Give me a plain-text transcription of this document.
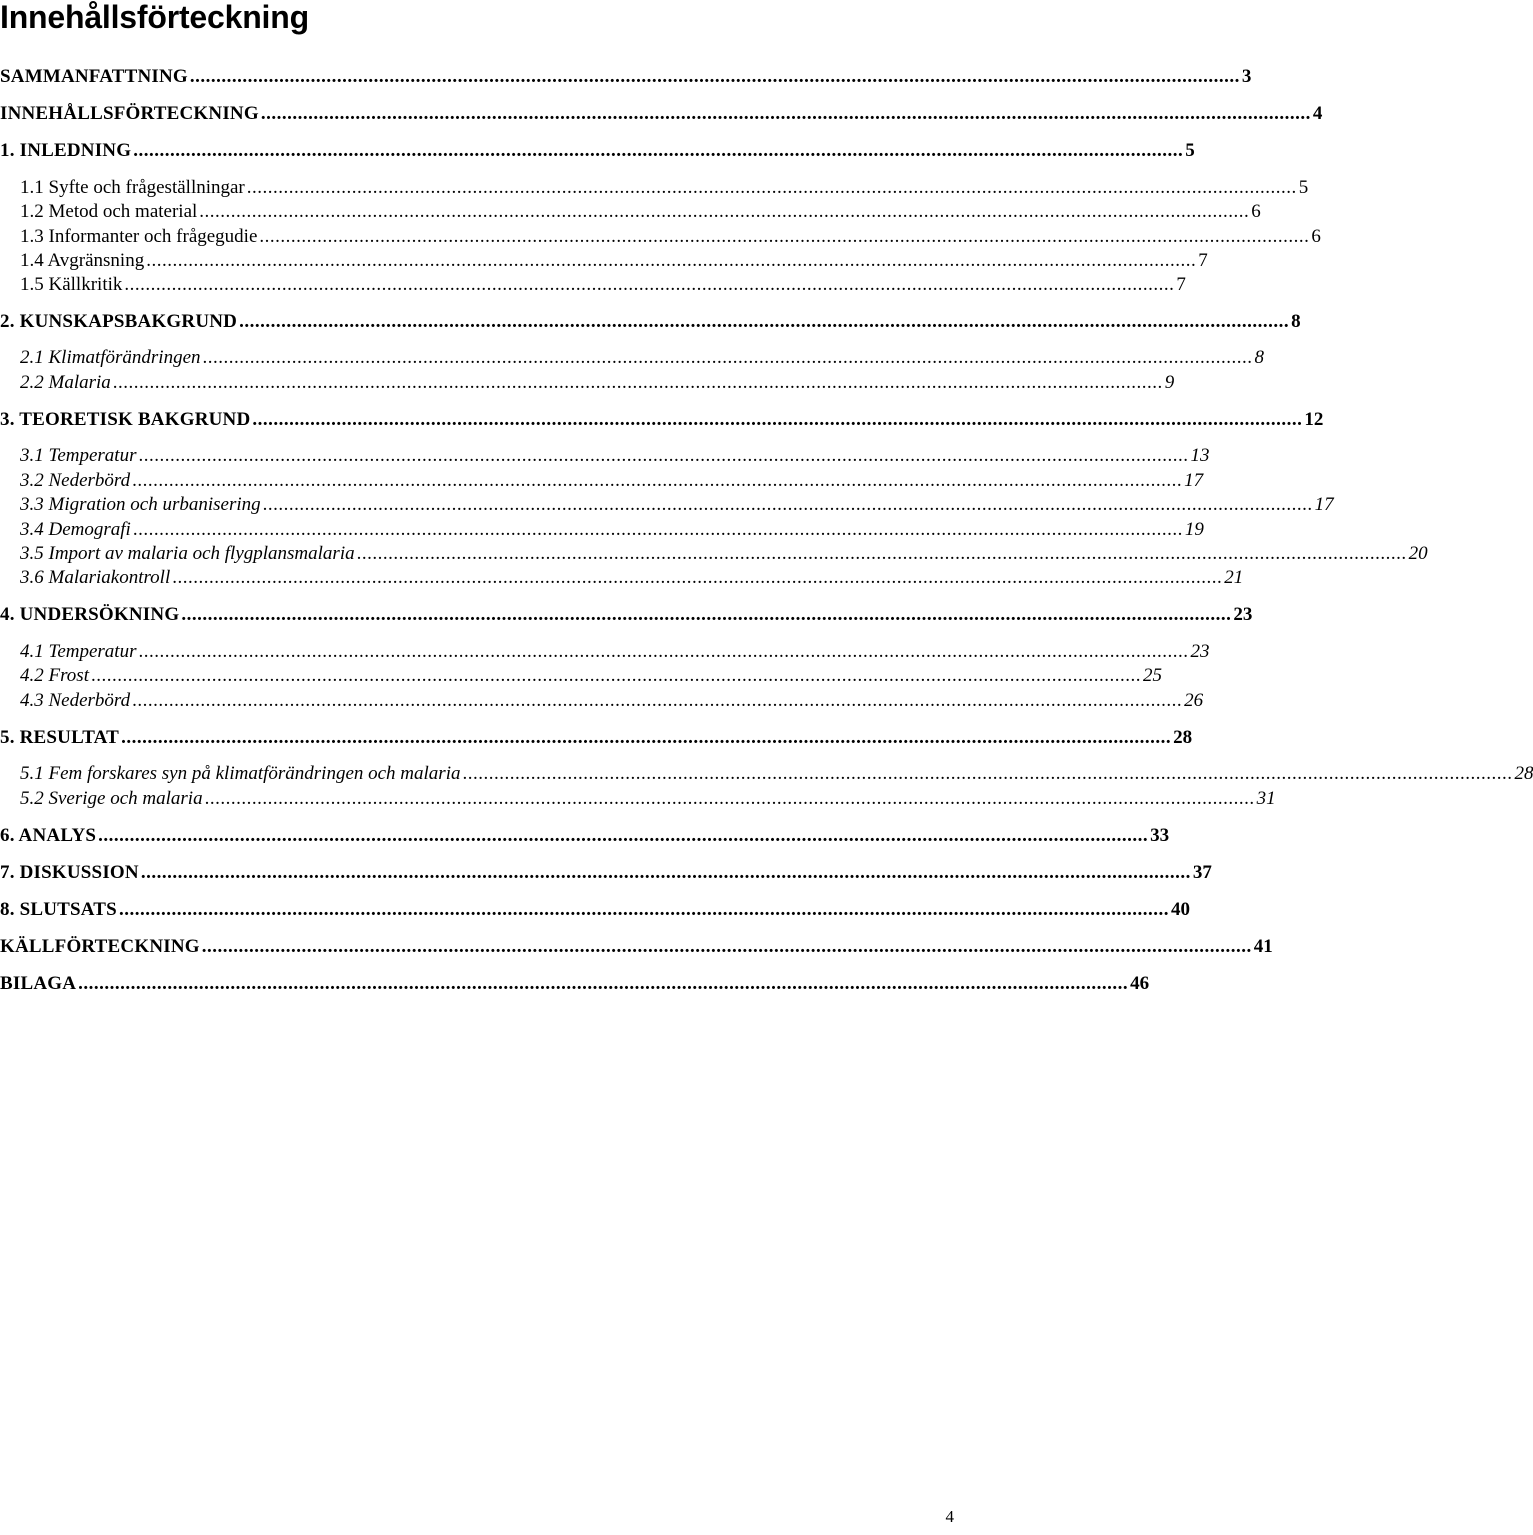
Innehållsförteckning
SAMMANFATTNING ........................................................................................................................................................................................................ 3
INNEHÅLLSFÖRTECKNING ........................................................................................................................................................................................................ 4
1. INLEDNING ........................................................................................................................................................................................................ 5
1.1 Syfte och frågeställningar ........................................................................................................................................................................................................ 5
1.2 Metod och material ........................................................................................................................................................................................................ 6
1.3 Informanter och frågegudie ........................................................................................................................................................................................................ 6
1.4 Avgränsning ........................................................................................................................................................................................................ 7
1.5 Källkritik ........................................................................................................................................................................................................ 7
2. KUNSKAPSBAKGRUND ........................................................................................................................................................................................................ 8
2.1 Klimatförändringen ........................................................................................................................................................................................................ 8
2.2 Malaria ........................................................................................................................................................................................................ 9
3. TEORETISK BAKGRUND ........................................................................................................................................................................................................ 12
3.1 Temperatur ........................................................................................................................................................................................................ 13
3.2 Nederbörd ........................................................................................................................................................................................................ 17
3.3 Migration och urbanisering ........................................................................................................................................................................................................ 17
3.4 Demografi ........................................................................................................................................................................................................ 19
3.5 Import av malaria och flygplansmalaria ........................................................................................................................................................................................................ 20
3.6 Malariakontroll ........................................................................................................................................................................................................ 21
4. UNDERSÖKNING ........................................................................................................................................................................................................ 23
4.1 Temperatur ........................................................................................................................................................................................................ 23
4.2 Frost ........................................................................................................................................................................................................ 25
4.3 Nederbörd ........................................................................................................................................................................................................ 26
5. RESULTAT ........................................................................................................................................................................................................ 28
5.1 Fem forskares syn på klimatförändringen och malaria ........................................................................................................................................................................................................ 28
5.2 Sverige och malaria ........................................................................................................................................................................................................ 31
6. ANALYS ........................................................................................................................................................................................................ 33
7. DISKUSSION ........................................................................................................................................................................................................ 37
8. SLUTSATS ........................................................................................................................................................................................................ 40
KÄLLFÖRTECKNING ........................................................................................................................................................................................................ 41
BILAGA ........................................................................................................................................................................................................ 46
4
